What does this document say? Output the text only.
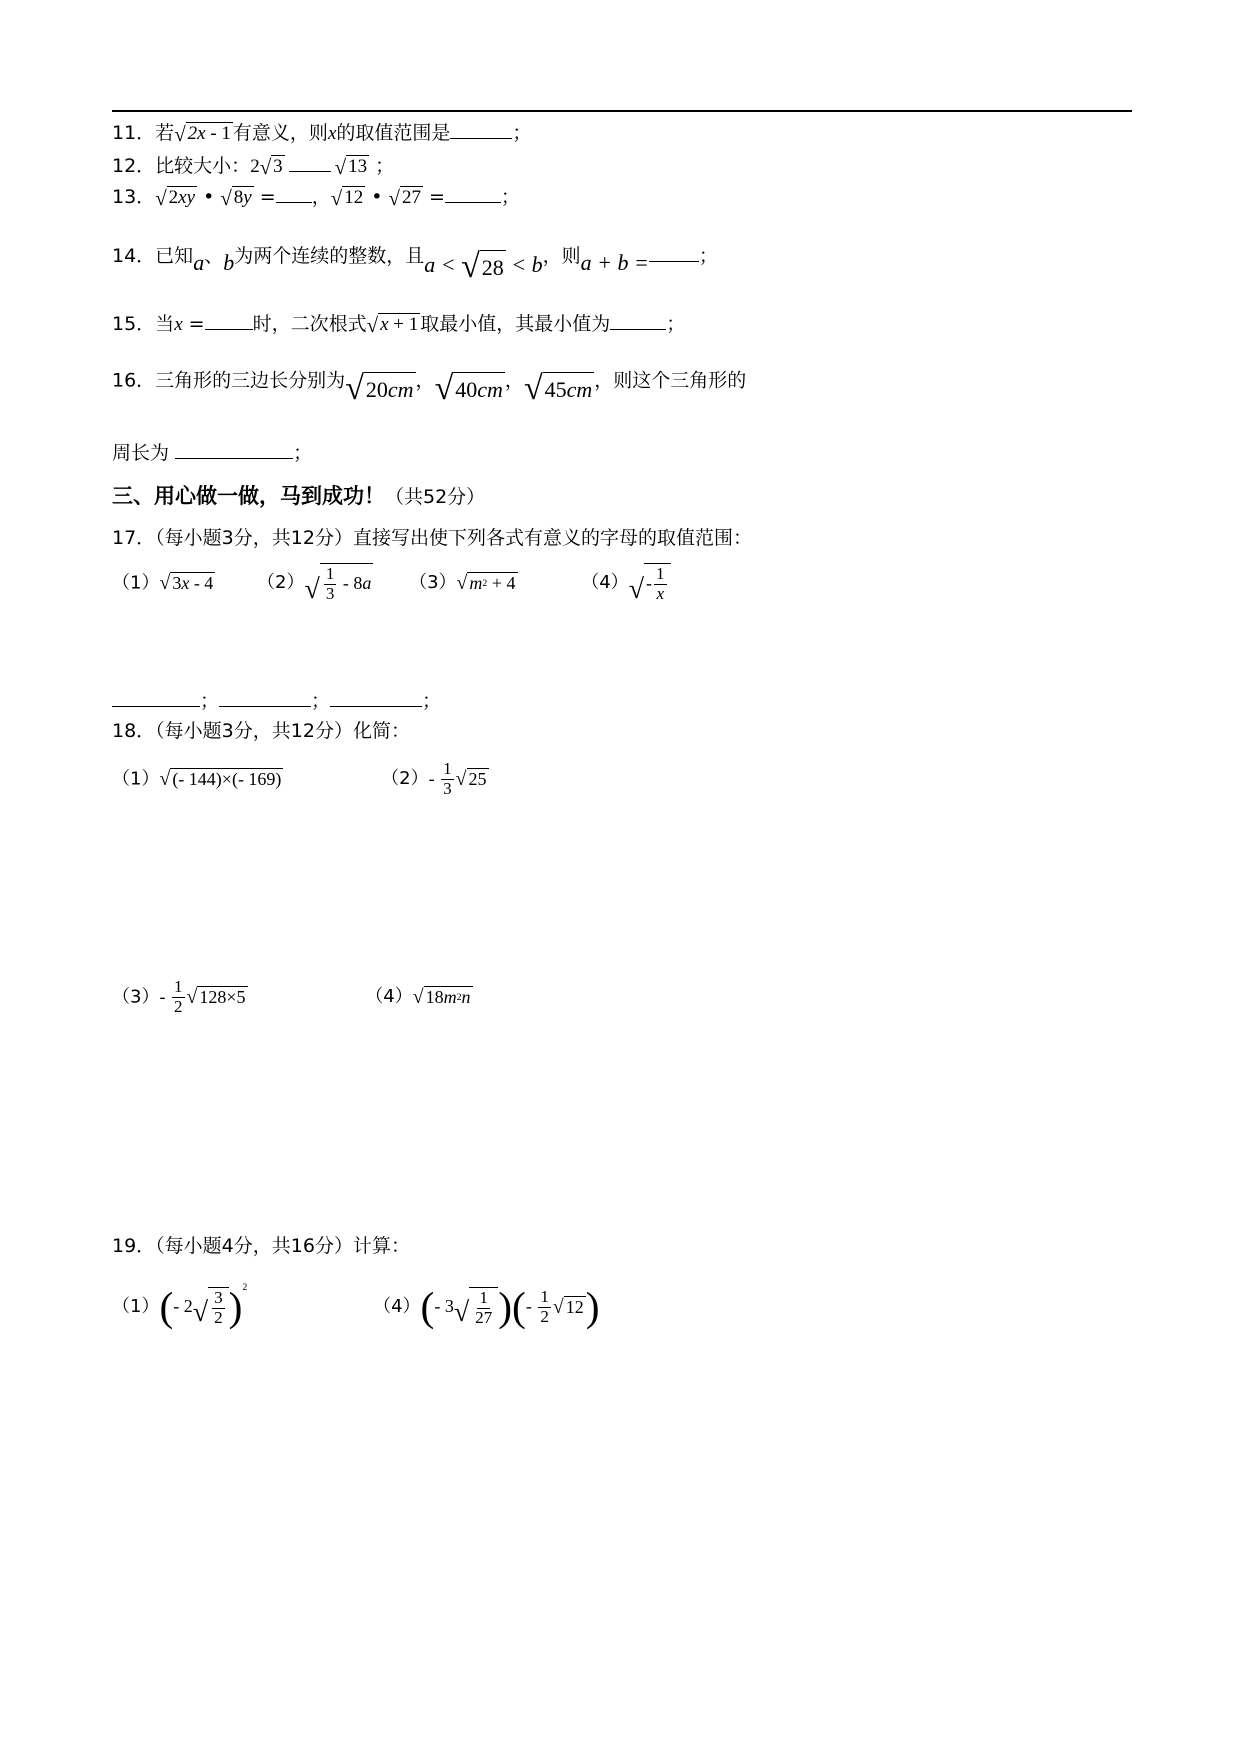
11．若 √ 2x - 1 有意义，则x的取值范围是	；
12．比较大小：2 √ 3 √ 13 ；
13． √ 2 xy • √ 8 y = ， √ 12 • √ 27 =	；
14．已知a、b为两个连续的整数，且a < √ 28 < b，则a + b =	；
15．当x =	时，二次根式 √ x + 1 取最小值，其最小值为	；
16．三角形的三边长分别为 √ 20 cm ， √ 40 cm ， √ 45 cm ，则这个三角形的
周长为	；
三、用心做一做，马到成功！（共52分）
17．（每小题3分，共12分）直接写出使下列各式有意义的字母的取值范围：
（1） √ 3 x - 4 （2） √ $\frac{1}{3} - 8$ a （3） √ m 2 + 4	（4） √ - $\frac{1}{x}$
；	；	；
18．（每小题3分，共12分）化简：
（1） √ (- 144)×(- 169)	$(2)- \frac{1}{3}$ √ 25
$(3)- \frac{1}{2}$ √ 128×5	（4） √ 18 m 2 n
19．（每小题4分，共16分）计算：
（1）(- 2 √ $\frac{3}{2} )^2$ （4）(- 3 √ $\frac{1}{27}$ )(- $\frac{1}{2}$ √ 12 )
